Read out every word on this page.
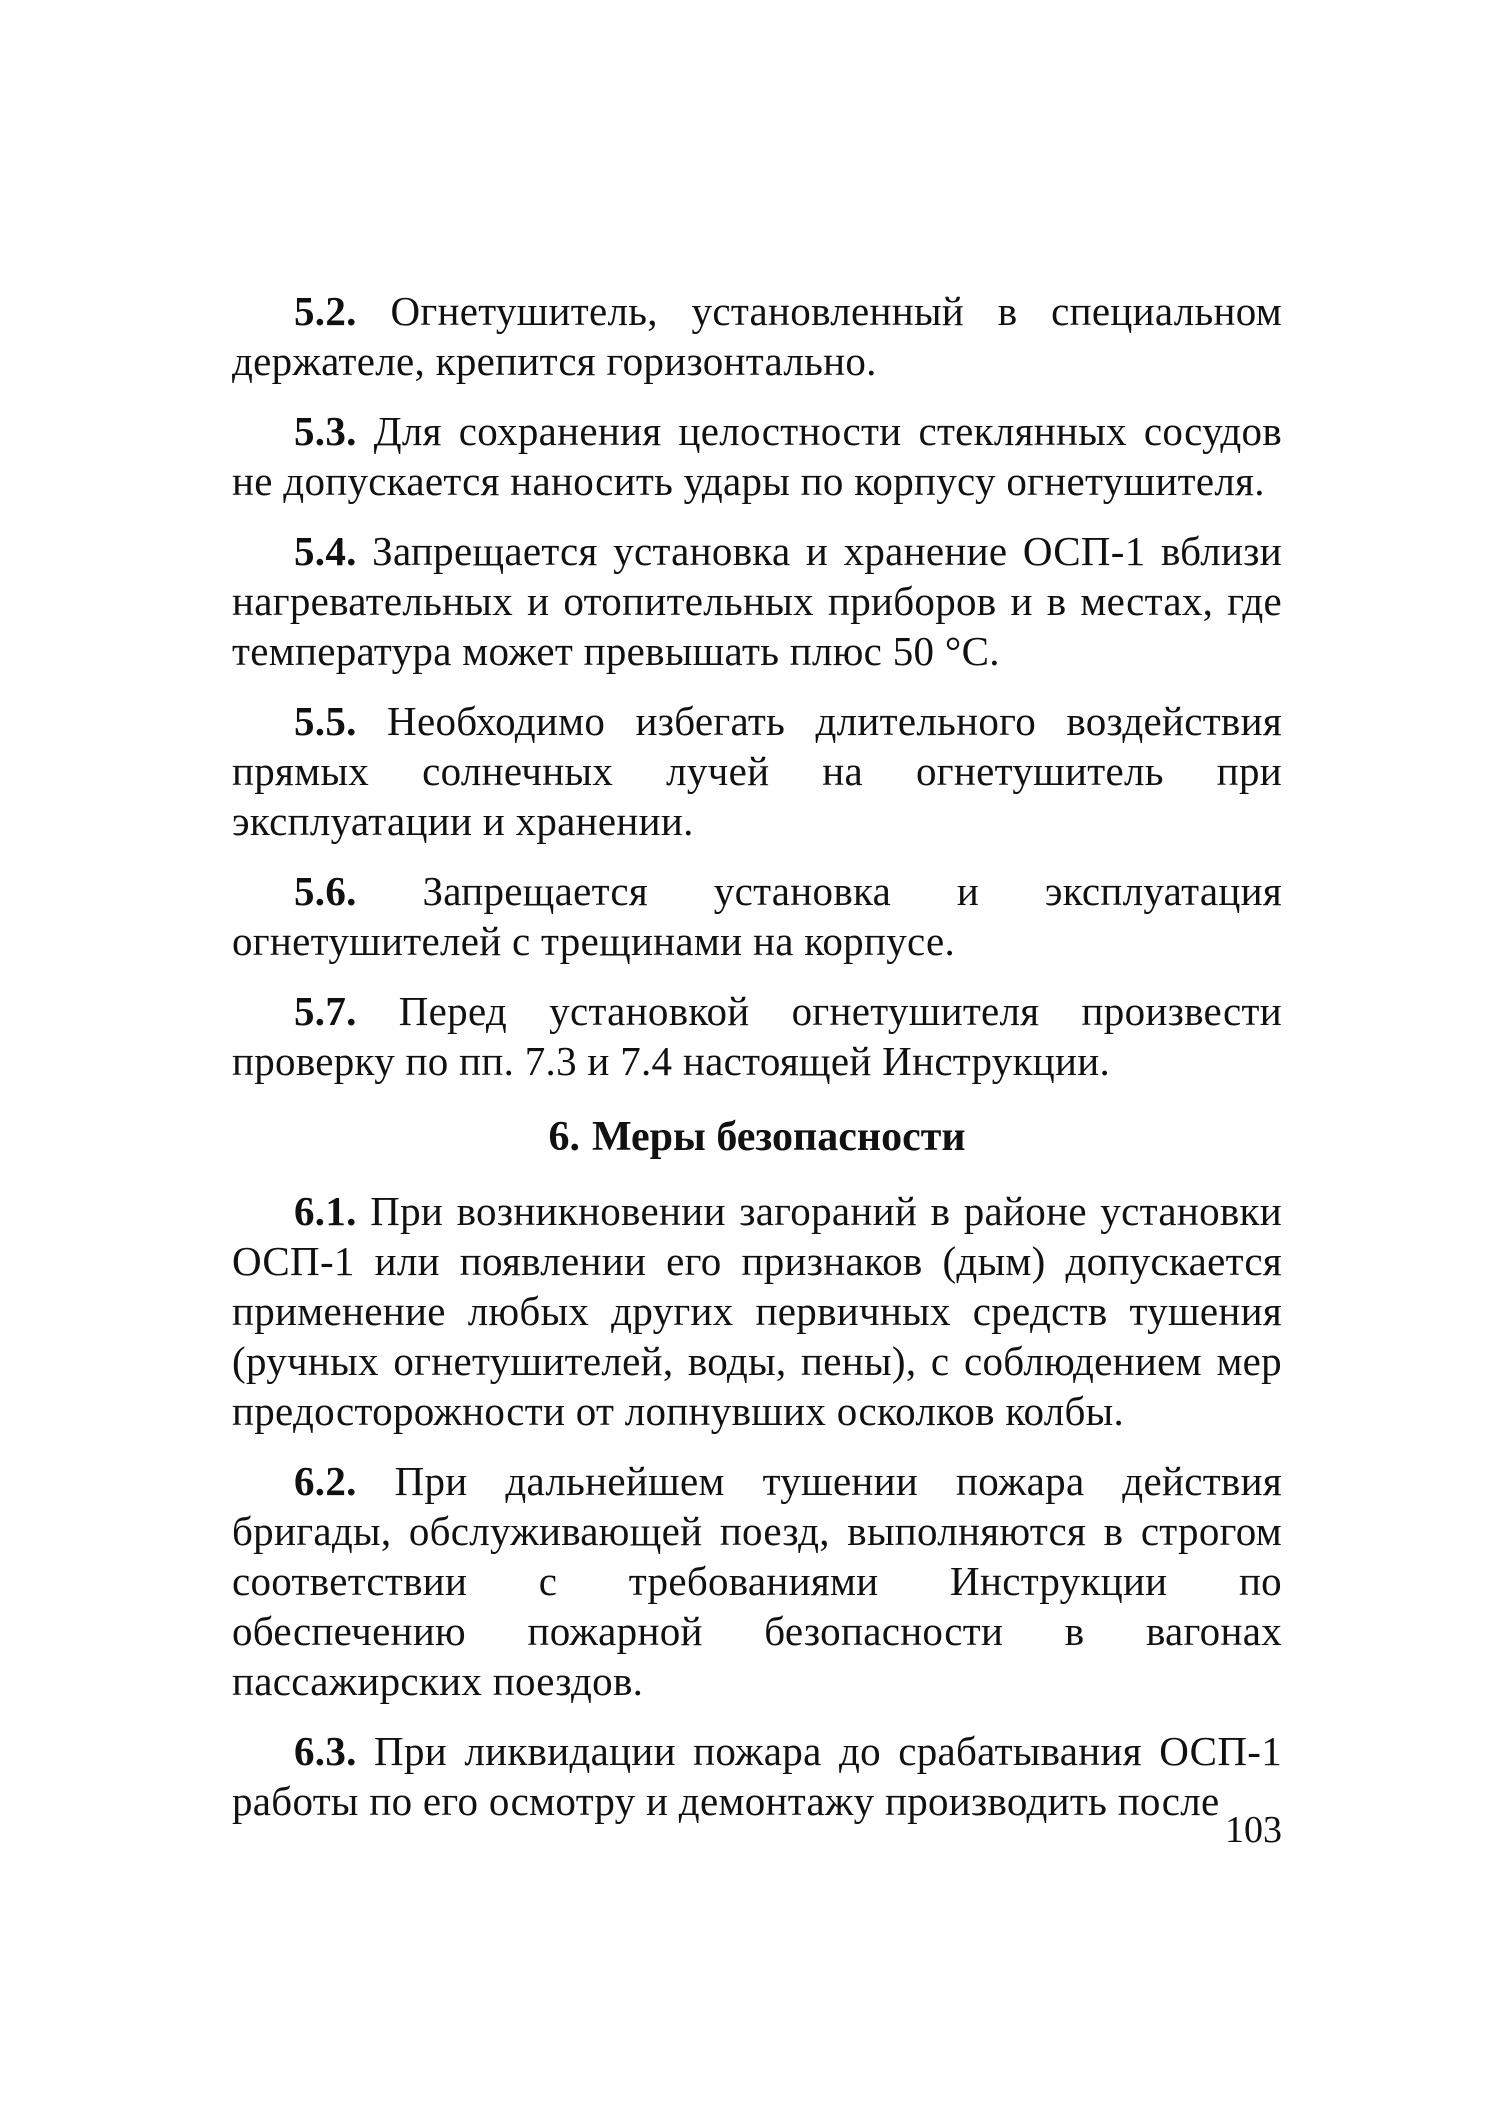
5.2. Огнетушитель, установленный в специальном держателе, крепится горизонтально.

5.3. Для сохранения целостности стеклянных сосудов не допускается наносить удары по корпусу огнетушителя.

5.4. Запрещается установка и хранение ОСП-1 вблизи нагревательных и отопительных приборов и в местах, где температура может превышать плюс 50 °С.

5.5. Необходимо избегать длительного воздействия прямых солнечных лучей на огнетушитель при эксплуатации и хранении.

5.6. Запрещается установка и эксплуатация огнетушителей с трещинами на корпусе.

5.7. Перед установкой огнетушителя произвести проверку по пп. 7.3 и 7.4 настоящей Инструкции.

6. Меры безопасности

6.1. При возникновении загораний в районе установки ОСП-1 или появлении его признаков (дым) допускается применение любых других первичных средств тушения (ручных огнетушителей, воды, пены), с соблюдением мер предосторожности от лопнувших осколков колбы.

6.2. При дальнейшем тушении пожара действия бригады, обслуживающей поезд, выполняются в строгом соответствии с требованиями Инструкции по обеспечению пожарной безопасности в вагонах пассажирских поездов.

6.3. При ликвидации пожара до срабатывания ОСП-1 работы по его осмотру и демонтажу производить после

103
